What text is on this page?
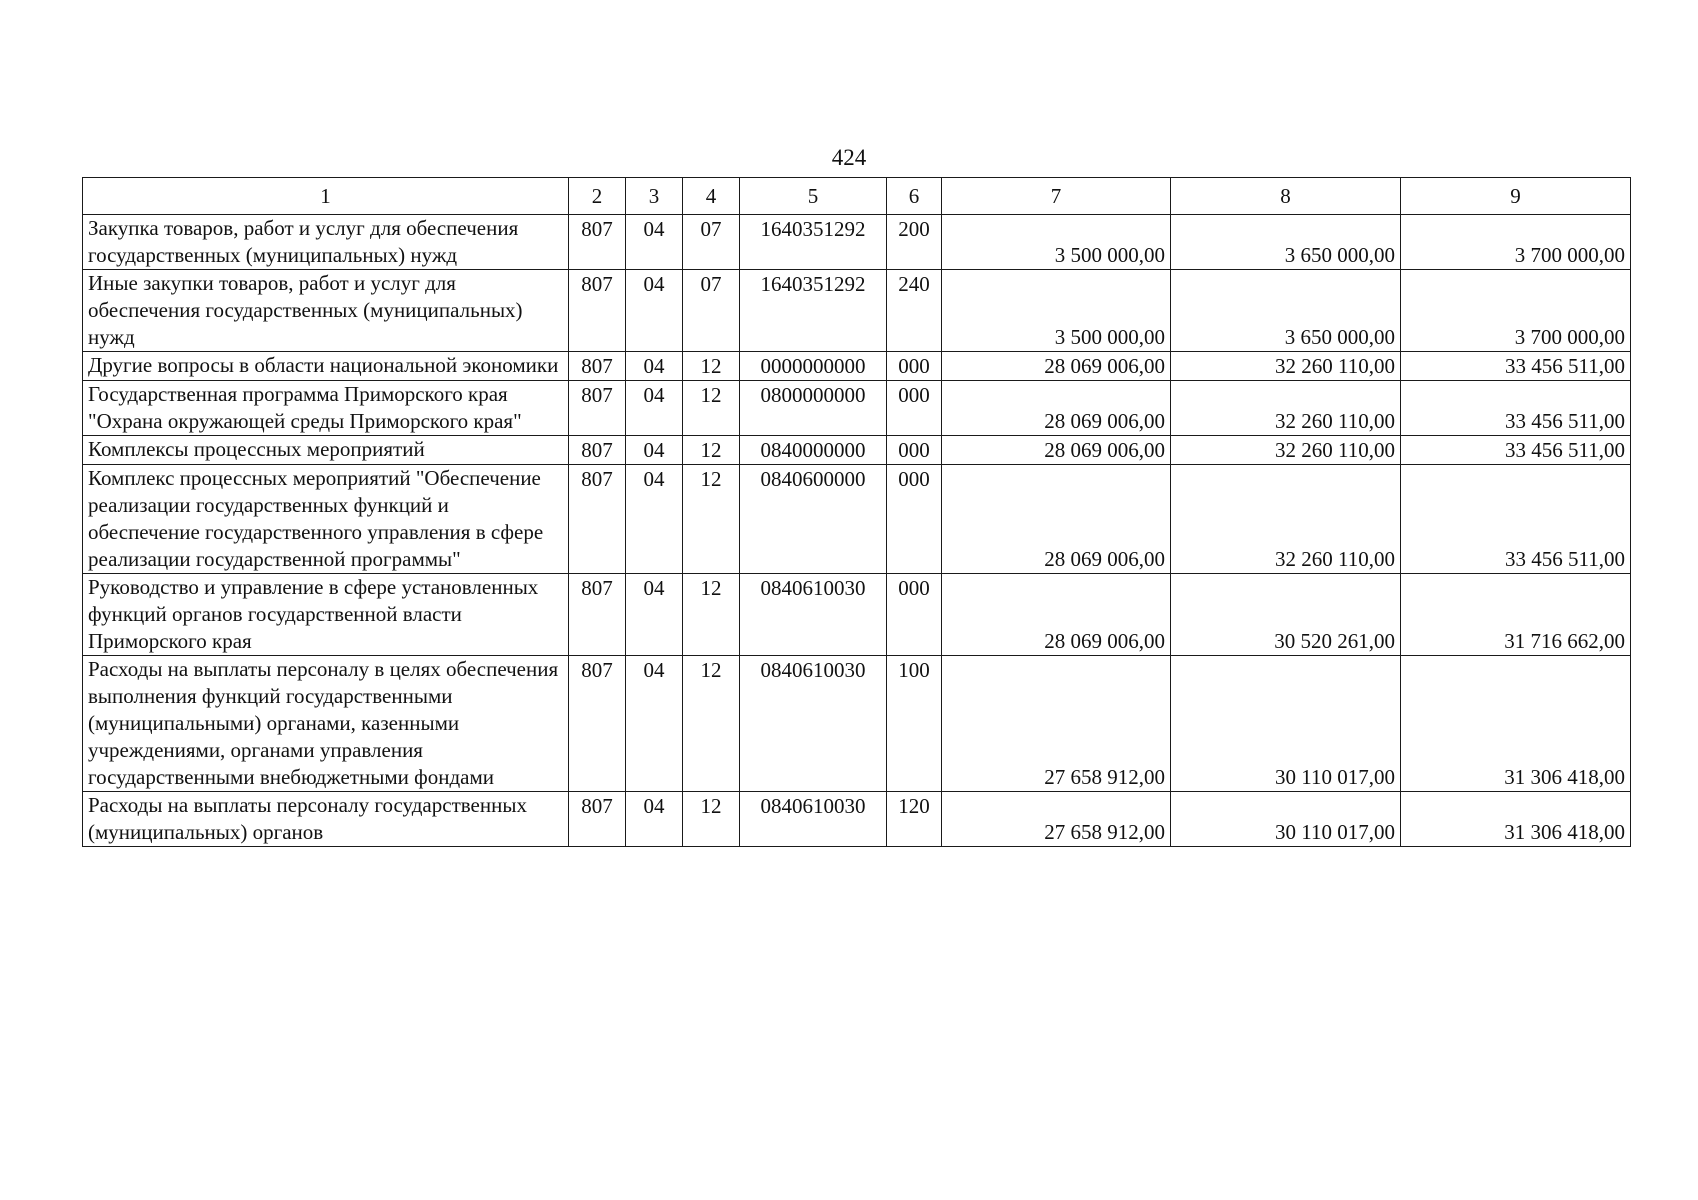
424
1	2	3	4	5	6	7	8	9
Закупка товаров, работ и услуг для обеспечения государственных (муниципальных) нужд	807	04	07	1640351292	200	3 500 000,00	3 650 000,00	3 700 000,00
Иные закупки товаров, работ и услуг для обеспечения государственных (муниципальных) нужд	807	04	07	1640351292	240	3 500 000,00	3 650 000,00	3 700 000,00
Другие вопросы в области национальной экономики	807	04	12	0000000000	000	28 069 006,00	32 260 110,00	33 456 511,00
Государственная программа Приморского края "Охрана окружающей среды Приморского края"	807	04	12	0800000000	000	28 069 006,00	32 260 110,00	33 456 511,00
Комплексы процессных мероприятий	807	04	12	0840000000	000	28 069 006,00	32 260 110,00	33 456 511,00
Комплекс процессных мероприятий "Обеспечение реализации государственных функций и обеспечение государственного управления в сфере реализации государственной программы"	807	04	12	0840600000	000	28 069 006,00	32 260 110,00	33 456 511,00
Руководство и управление в сфере установленных функций органов государственной власти Приморского края	807	04	12	0840610030	000	28 069 006,00	30 520 261,00	31 716 662,00
Расходы на выплаты персоналу в целях обеспечения выполнения функций государственными (муниципальными) органами, казенными учреждениями, органами управления государственными внебюджетными фондами	807	04	12	0840610030	100	27 658 912,00	30 110 017,00	31 306 418,00
Расходы на выплаты персоналу государственных (муниципальных) органов	807	04	12	0840610030	120	27 658 912,00	30 110 017,00	31 306 418,00
